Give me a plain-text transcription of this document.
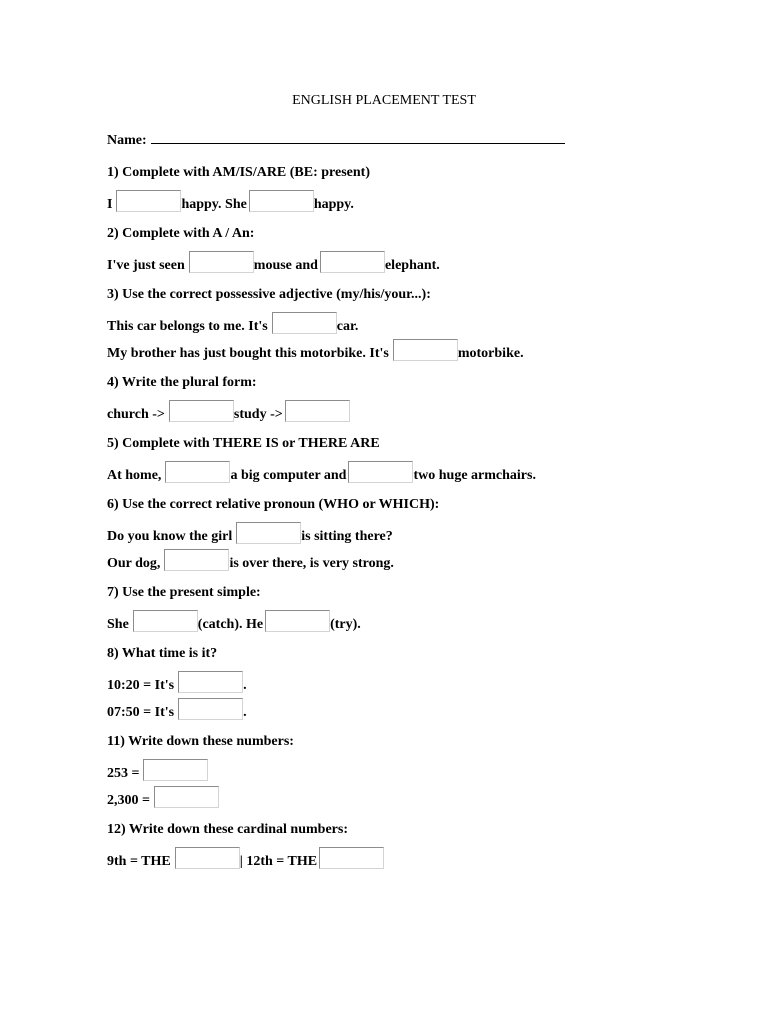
ENGLISH PLACEMENT TEST
Name:
1) Complete with AM/IS/ARE (BE: present)
I	happy. She	happy.
2) Complete with A / An:
I've just seen	mouse and	elephant.
3) Use the correct possessive adjective (my/his/your...):
This car belongs to me. It's	car.
My brother has just bought this motorbike. It's	motorbike.
4) Write the plural form:
church ->	study ->
5) Complete with THERE IS or THERE ARE
At home,	a big computer and	two huge armchairs.
6) Use the correct relative pronoun (WHO or WHICH):
Do you know the girl	is sitting there?
Our dog,	is over there, is very strong.
7) Use the present simple:
She	(catch). He	(try).
8) What time is it?
10:20 = It's	.
07:50 = It's	.
11) Write down these numbers:
253 =
2,300 =
12) Write down these cardinal numbers:
9th = THE	| 12th = THE
